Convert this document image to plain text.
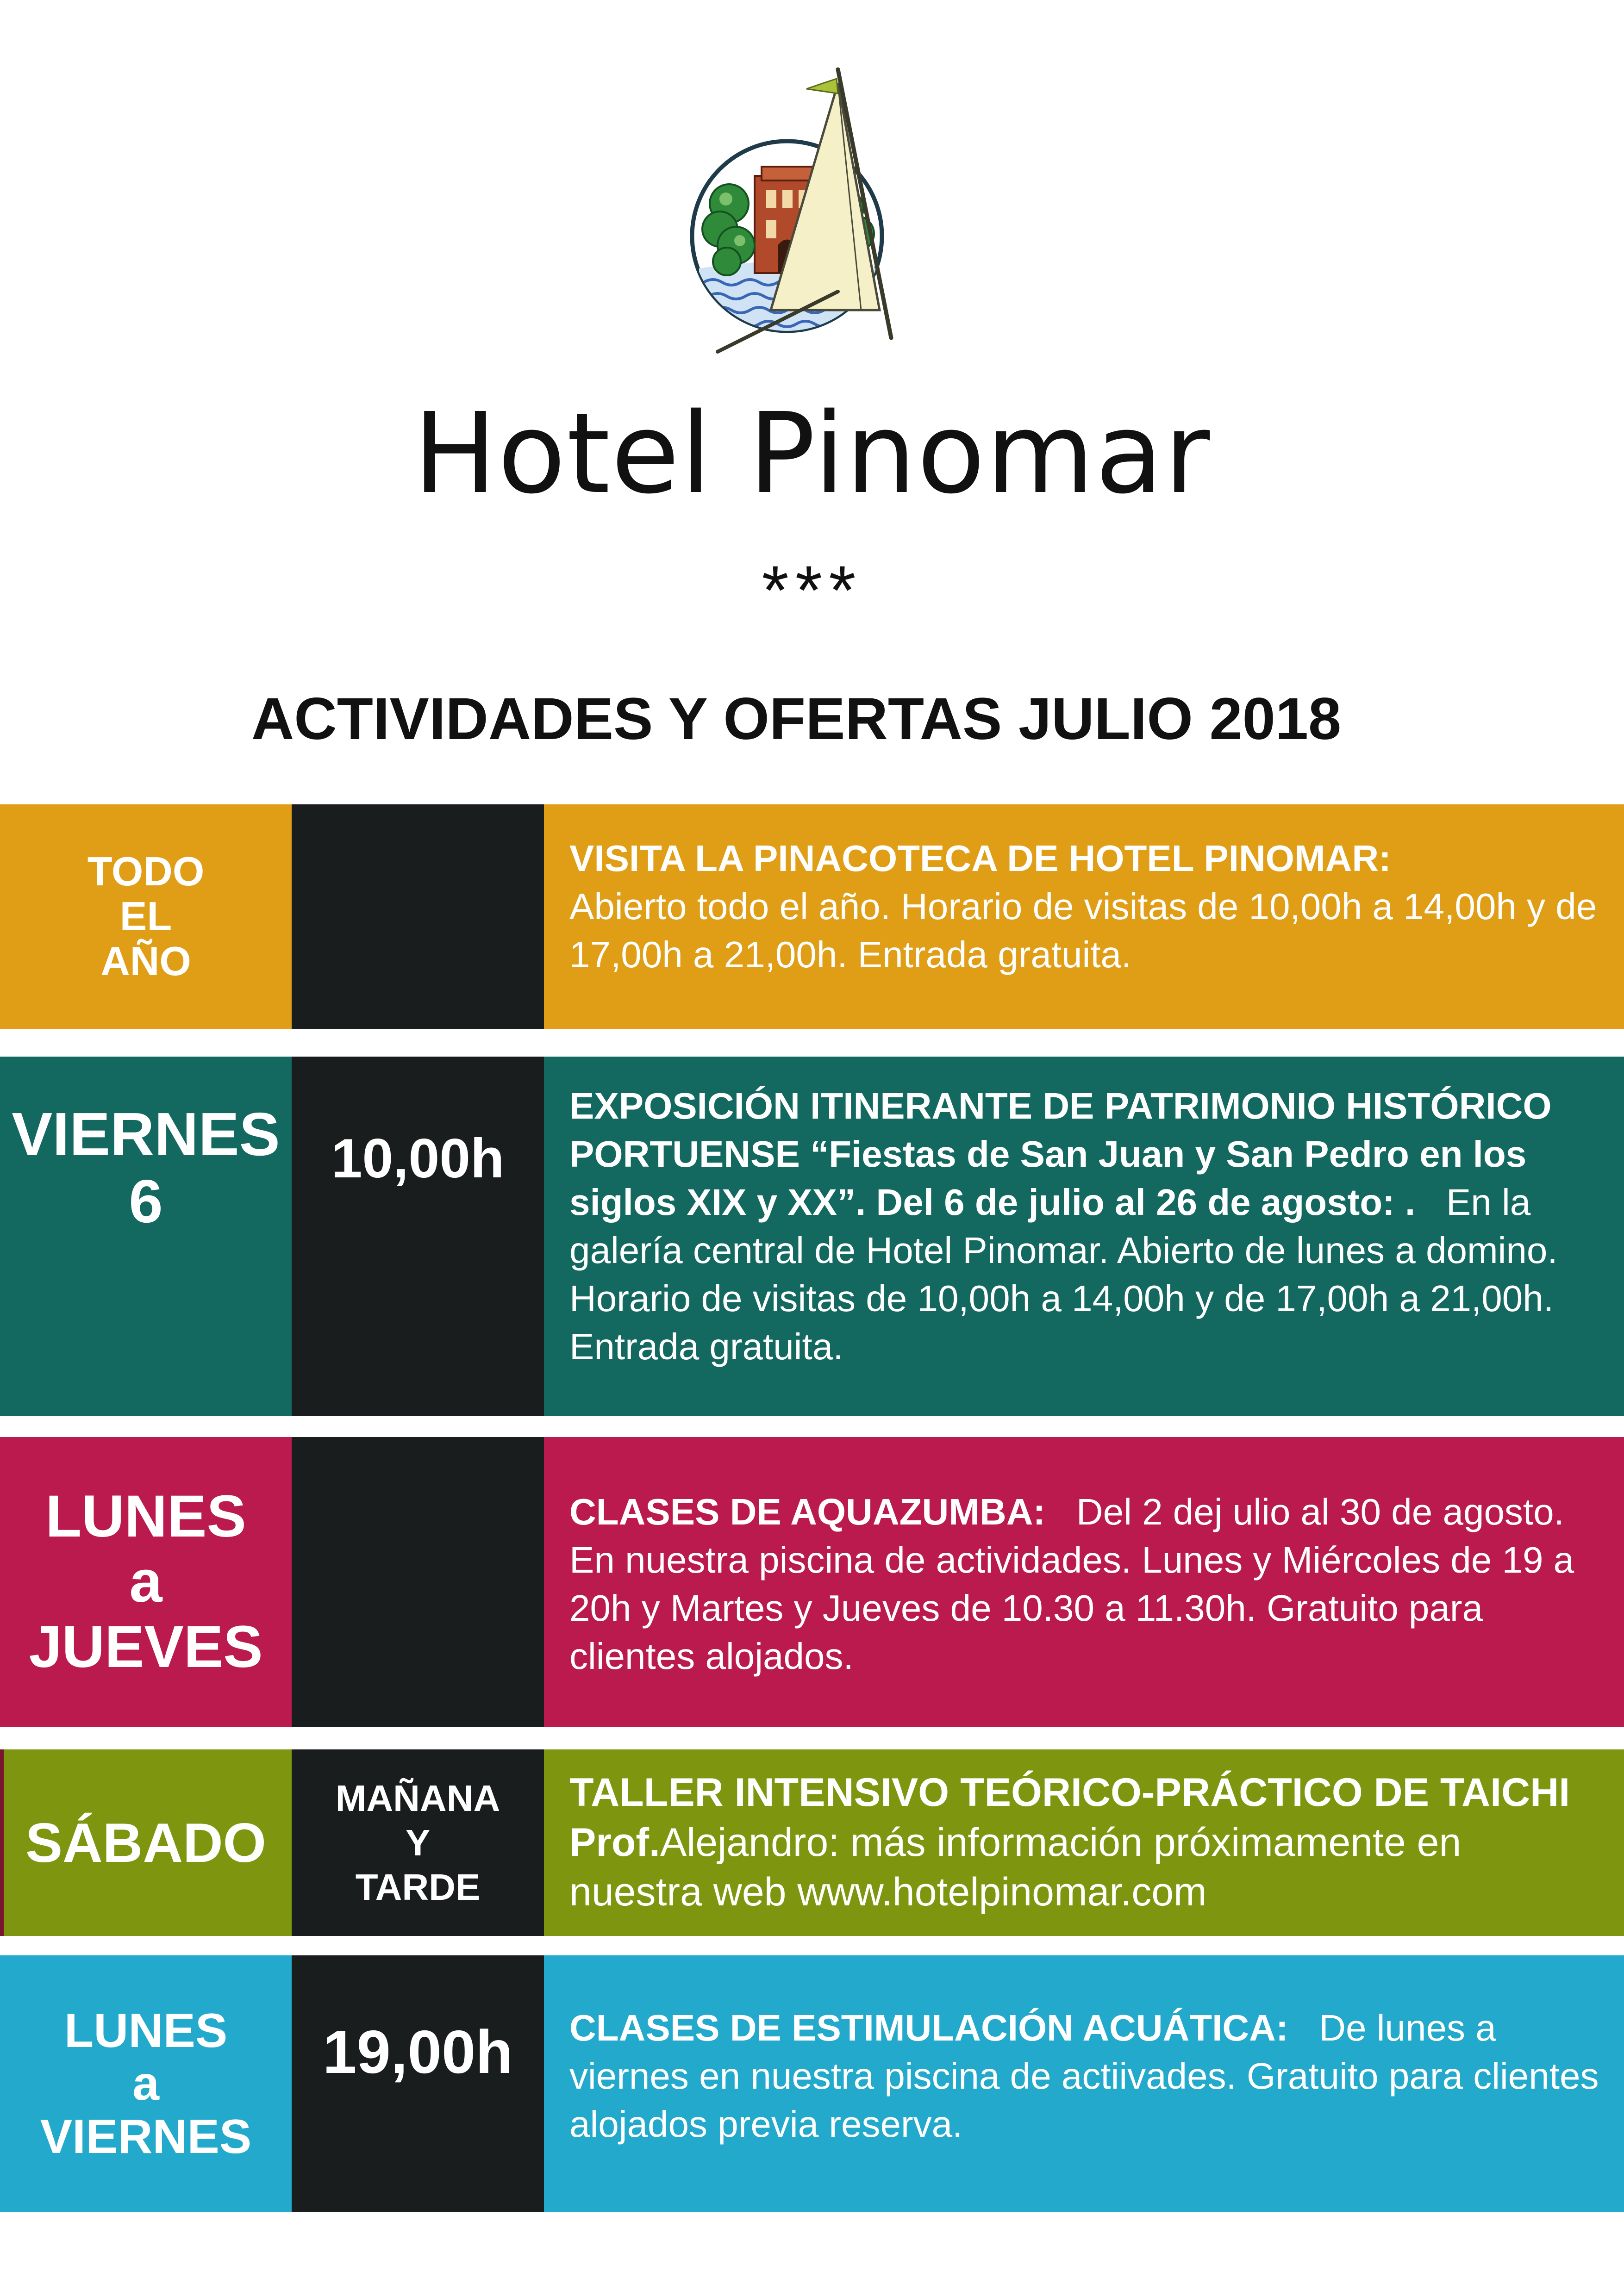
Hotel Pinomar
***
ACTIVIDADES Y OFERTAS JULIO 2018
TODO
EL
AÑO
VISITA LA PINACOTECA DE HOTEL PINOMAR:
Abierto todo el año. Horario de visitas de 10,00h a 14,00h y de 17,00h a 21,00h. Entrada gratuita.
VIERNES
6
10,00h
EXPOSICIÓN ITINERANTE DE PATRIMONIO HISTÓRICO PORTUENSE “Fiestas de San Juan y San Pedro en los siglos XIX y XX”. Del 6 de julio al 26 de agosto: . En la galería central de Hotel Pinomar. Abierto de lunes a domino. Horario de visitas de 10,00h a 14,00h y de 17,00h a 21,00h. Entrada gratuita.
LUNES
a
JUEVES
CLASES DE AQUAZUMBA: Del 2 dej ulio al 30 de agosto. En nuestra piscina de actividades. Lunes y Miércoles de 19 a 20h y Martes y Jueves de 10.30 a 11.30h. Gratuito para clientes alojados.
SÁBADO
MAÑANA
Y
TARDE
TALLER INTENSIVO TEÓRICO-PRÁCTICO DE TAICHI Prof.Alejandro: más información próximamente en nuestra web www.hotelpinomar.com
LUNES
a
VIERNES
19,00h	CLASES DE ESTIMULACIÓN ACUÁTICA: De lunes a viernes en nuestra piscina de actiivades. Gratuito para clientes alojados previa reserva.
